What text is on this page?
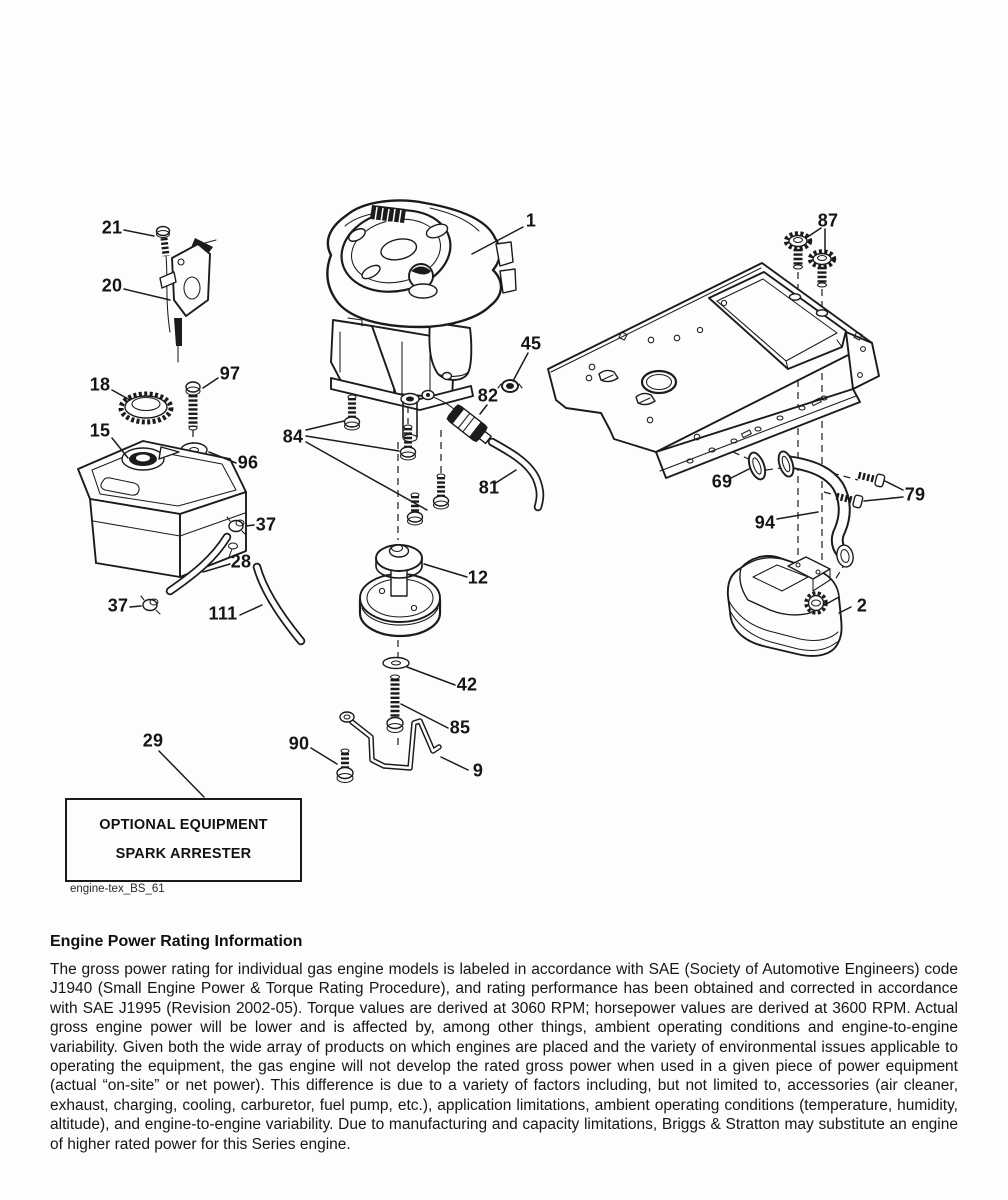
21
20
18
97
15
96
37
28
37	111
29
1
45
82
84
81
12
42
85
90
9
87
69
79
94
2
OPTIONAL EQUIPMENT
SPARK ARRESTER
engine-tex_BS_61
Engine Power Rating Information

The gross power rating for individual gas engine models is labeled in accordance with SAE (Society of Automotive Engineers) code J1940 (Small Engine Power & Torque Rating Procedure), and rating performance has been obtained and corrected in accordance with SAE J1995 (Revision 2002-05). Torque values are derived at 3060 RPM; horsepower values are derived at 3600 RPM. Actual gross engine power will be lower and is affected by, among other things, ambient operating conditions and engine-to-engine variability. Given both the wide array of products on which engines are placed and the variety of environmental issues applicable to operating the equipment, the gas engine will not develop the rated gross power when used in a given piece of power equipment (actual “on-site” or net power). This difference is due to a variety of factors including, but not limited to, accessories (air cleaner, exhaust, charging, cooling, carburetor, fuel pump, etc.), application limitations, ambient operating conditions (temperature, humidity, altitude), and engine-to-engine variability. Due to manufacturing and capacity limitations, Briggs & Stratton may substitute an engine of higher rated power for this Series engine.
